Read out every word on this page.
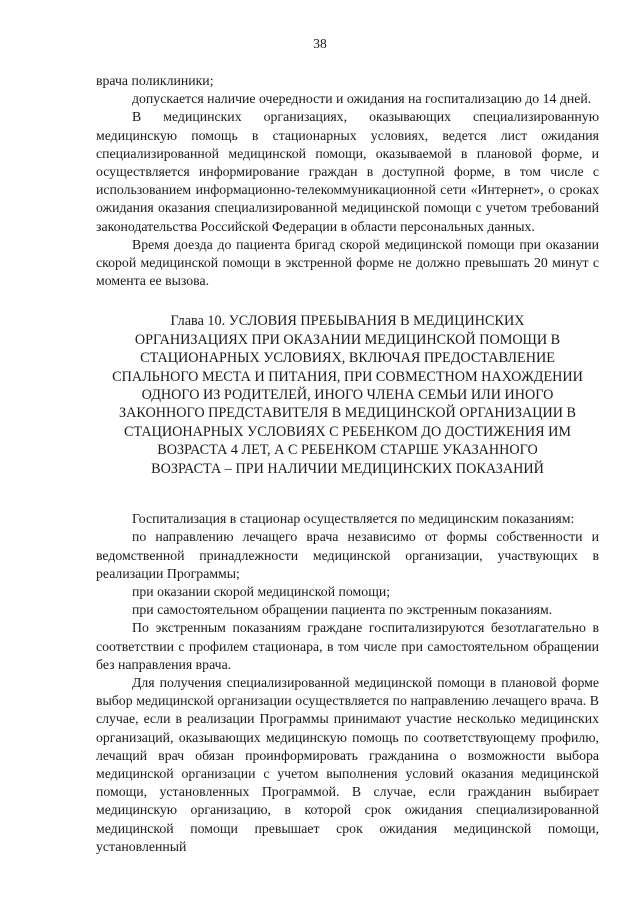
38

врача поликлиники;

допускается наличие очередности и ожидания на госпитализацию до 14 дней.

В медицинских организациях, оказывающих специализированную медицинскую помощь в стационарных условиях, ведется лист ожидания специализированной медицинской помощи, оказываемой в плановой форме, и осуществляется информирование граждан в доступной форме, в том числе с использованием информационно-телекоммуникационной сети «Интернет», о сроках ожидания оказания специализированной медицинской помощи с учетом требований законодательства Российской Федерации в области персональных данных.

Время доезда до пациента бригад скорой медицинской помощи при оказании скорой медицинской помощи в экстренной форме не должно превышать 20 минут с момента ее вызова.

Глава 10. УСЛОВИЯ ПРЕБЫВАНИЯ В МЕДИЦИНСКИХ
ОРГАНИЗАЦИЯХ ПРИ ОКАЗАНИИ МЕДИЦИНСКОЙ ПОМОЩИ В
СТАЦИОНАРНЫХ УСЛОВИЯХ, ВКЛЮЧАЯ ПРЕДОСТАВЛЕНИЕ
СПАЛЬНОГО МЕСТА И ПИТАНИЯ, ПРИ СОВМЕСТНОМ НАХОЖДЕНИИ
ОДНОГО ИЗ РОДИТЕЛЕЙ, ИНОГО ЧЛЕНА СЕМЬИ ИЛИ ИНОГО
ЗАКОННОГО ПРЕДСТАВИТЕЛЯ В МЕДИЦИНСКОЙ ОРГАНИЗАЦИИ В
СТАЦИОНАРНЫХ УСЛОВИЯХ С РЕБЕНКОМ ДО ДОСТИЖЕНИЯ ИМ
ВОЗРАСТА 4 ЛЕТ, А С РЕБЕНКОМ СТАРШЕ УКАЗАННОГО
ВОЗРАСТА – ПРИ НАЛИЧИИ МЕДИЦИНСКИХ ПОКАЗАНИЙ

Госпитализация в стационар осуществляется по медицинским показаниям:

по направлению лечащего врача независимо от формы собственности и ведомственной принадлежности медицинской организации, участвующих в реализации Программы;

при оказании скорой медицинской помощи;

при самостоятельном обращении пациента по экстренным показаниям.

По экстренным показаниям граждане госпитализируются безотлагательно в соответствии с профилем стационара, в том числе при самостоятельном обращении без направления врача.

Для получения специализированной медицинской помощи в плановой форме выбор медицинской организации осуществляется по направлению лечащего врача. В случае, если в реализации Программы принимают участие несколько медицинских организаций, оказывающих медицинскую помощь по соответствующему профилю, лечащий врач обязан проинформировать гражданина о возможности выбора медицинской организации с учетом выполнения условий оказания медицинской помощи, установленных Программой. В случае, если гражданин выбирает медицинскую организацию, в которой срок ожидания специализированной медицинской помощи превышает срок ожидания медицинской помощи, установленный
